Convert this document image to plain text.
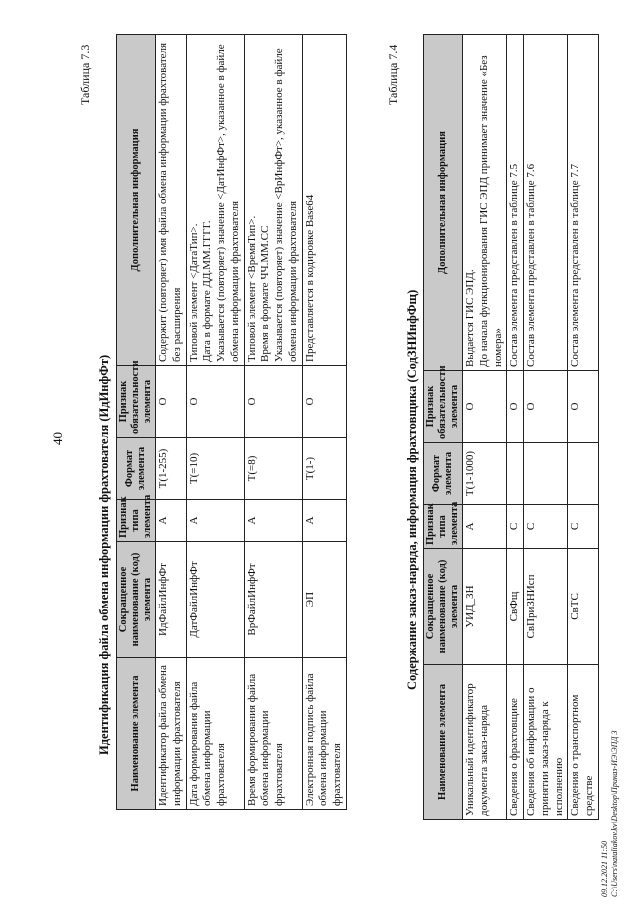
40
Таблица 7.3
Идентификация файла обмена информации фрахтователя (ИдИнфФт) Наименование элемента	Сокращенное наименование (код) элемента	Признак типа элемента	Формат элемента	Признак обязательности элемента	Дополнительная информация
Идентификатор файла обмена информации фрахтователя	ИдФайлИнфФт	А	Т(1-255)	О	Содержит (повторяет) имя файла обмена информации фрахтователя без расширения
Дата формирования файла обмена информации фрахтователя	ДатФайлИнфФт	А	Т(=10)	О	Типовой элемент <ДатаТип>.
Дата в формате ДД.ММ.ГГГГ.
Указывается (повторяет) значение <ДатИнфФт>, указанное в файле обмена информации фрахтователя
Время формирования файла обмена информации фрахтователя	ВрФайлИнфФт	А	Т(=8)	О	Типовой элемент <ВремяТип>.
Время в формате ЧЧ.ММ.СС
Указывается (повторяет) значение <ВрИнфФт>, указанное в файле обмена информации фрахтователя
Электронная подпись файла обмена информации фрахтователя	ЭП	А	Т(1-)	О	Представляется в кодировке Base64
Таблица 7.4
Содержание заказ-наряда, информация фрахтовщика (СодЗНИнфФщ)
Наименование элемента	Сокращенное наименование (код) элемента	Признак типа элемента	Формат элемента	Признак обязательности элемента	Дополнительная информация
Уникальный идентификатор документа заказ-наряда	УИД_ЗН	А	Т(1-1000)	О	Выдается ГИС ЭПД.
До начала функционирования ГИС ЭПД принимает значение «Без номера»
Сведения о фрахтовщике	СвФщ	С		О	Состав элемента представлен в таблице 7.5
Сведения об информации о принятии заказ-наряда к исполнению	СвПриЗНИсп	С		О	Состав элемента представлен в таблице 7.6
Сведения о транспортном средстве	СвТС	С		О	Состав элемента представлен в таблице 7.7
09.12.2021 11:50 C:\Users\nataliakov.kv\Desktop\Приказ-ИЭ\ЭПД 3
